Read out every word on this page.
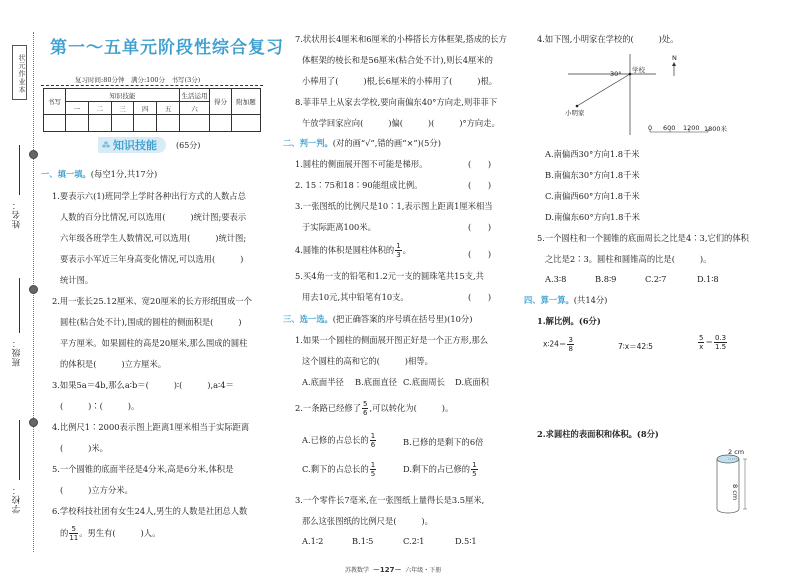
状元作业本
姓名：
班级：
学校：
第一～五单元阶段性综合复习
复习时间:80分钟　满分:100分　书写(3分)
书写	知识技能					生活运用	得分	附加题
	一	二	三	四	五	六		

⁂ 知识技能 (65分)
一、填一填。(每空1分,共17分)
1.要表示六(1)班同学上学时各种出行方式的人数占总
人数的百分比情况,可以选用(　　　)统计图;要表示
六年级各班学生人数情况,可以选用(　　　)统计图;
要表示小军近三年身高变化情况,可以选用(　　　)
统计图。
2.用一张长25.12厘米、宽20厘米的长方形纸围成一个
圆柱(粘合处不计),围成的圆柱的侧面积是(　　　)
平方厘米。如果圆柱的高是20厘米,那么围成的圆柱
的体积是(　　　)立方厘米。
3.如果5a＝4b,那么a∶b＝(　　　)∶(　　　),a∶4＝
(　　　)∶(　　　)。
4.比例尺1∶2000表示图上距离1厘米相当于实际距离
(　　　)米。
5.一个圆锥的底面半径是4分米,高是6分米,体积是
(　　　)立方分米。
6.学校科技社团有女生24人,男生的人数是社团总人数
的 $\frac{5}{11}$ 。男生有(　　　)人。
7.状状用长4厘米和6厘米的小棒搭长方体框架,搭成的长方
体框架的棱长和是56厘米(粘合处不计),则长4厘米的
小棒用了(　　　)根,长6厘米的小棒用了(　　　)根。
8.菲菲早上从家去学校,要向南偏东40°方向走,则菲菲下
午放学回家应向(　　　)偏(　　　)(　　　)°方向走。
二、判一判。(对的画“√”,错的画“×”)(5分)
1.圆柱的侧面展开图不可能是梯形。	(　　)
2. 15∶75和18∶90能组成比例。	(　　)
3.一张图纸的比例尺是10∶1,表示图上距离1厘米相当
于实际距离100米。	(　　)
4.圆锥的体积是圆柱体积的 $\frac{1}{3}$ 。	(　　)
5.买4角一支的铅笔和1.2元一支的圆珠笔共15支,共
用去10元,其中铅笔有10支。	(　　)
三、选一选。(把正确答案的序号填在括号里)(10分)
1.如果一个圆柱的侧面展开图正好是一个正方形,那么
这个圆柱的高和它的(　　　)相等。
A.底面半径 B.底面直径 C.底面周长 D.底面积
2.一条路已经修了 $\frac{5}{6}$ ,可以转化为(　　　)。
A.已修的占总长的 $\frac{1}{6}$	B.已修的是剩下的6倍
C.剩下的占总长的 $\frac{1}{5}$	D.剩下的占已修的 $\frac{1}{5}$
3.一个零件长7毫米,在一张图纸上量得长是3.5厘米,
那么这张图纸的比例尺是(　　　)。
A.1∶2	B.1∶5	C.2∶1	D.5∶1
4.如下图,小明家在学校的(　　　)处。
学校
小明家
30°
N
0 600 1200 1800米
A.南偏西30°方向1.8千米
B.南偏东30°方向1.8千米
C.南偏西60°方向1.8千米
D.南偏东60°方向1.8千米
5.一个圆柱和一个圆锥的底面周长之比是4∶3,它们的体积
之比是2∶3。圆柱和圆锥高的比是(　　　)。
A.3∶8	B.8∶9	C.2∶7	D.1∶8
四、算一算。(共14分)
1.解比例。(6分)
x∶24＝ $\frac{3}{8}$	7∶x＝42∶5	$\frac{5}{x} = \frac{0.3}{1.5}$
2.求圆柱的表面积和体积。(8分)
2 cm
8 cm
苏教数学 －127－ 六年级・下册
